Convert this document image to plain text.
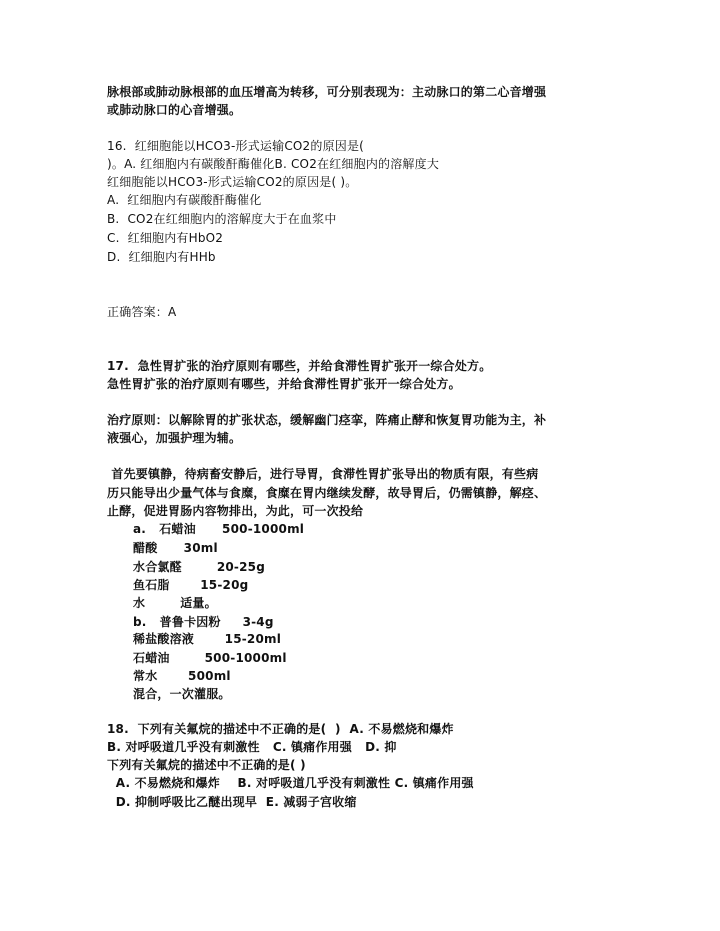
脉根部或肺动脉根部的血压增高为转移，可分别表现为：主动脉口的第二心音增强
或肺动脉口的心音增强。
16.  红细胞能以HCO3-形式运输CO2的原因是(
)。A. 红细胞内有碳酸酐酶催化B. CO2在红细胞内的溶解度大
红细胞能以HCO3-形式运输CO2的原因是( )。
A.  红细胞内有碳酸酐酶催化
B.  CO2在红细胞内的溶解度大于在血浆中
C.  红细胞内有HbO2
D.  红细胞内有HHb
正确答案：A
17.  急性胃扩张的治疗原则有哪些，并给食滞性胃扩张开一综合处方。
急性胃扩张的治疗原则有哪些，并给食滞性胃扩张开一综合处方。
治疗原则：以解除胃的扩张状态，缓解幽门痉挛，阵痛止酵和恢复胃功能为主，补
液强心，加强护理为辅。
首先要镇静，待病畜安静后，进行导胃，食滞性胃扩张导出的物质有限，有些病
历只能导出少量气体与食糜，食糜在胃内继续发酵，故导胃后，仍需镇静，解痉、
止酵，促进胃肠内容物排出，为此，可一次投给
a.   石蜡油      500-1000ml
醋酸      30ml
水合氯醛        20-25g
鱼石脂       15-20g
水        适量。
b.   普鲁卡因粉     3-4g
稀盐酸溶液       15-20ml
石蜡油        500-1000ml
常水       500ml
混合，一次灌服。
18.  下列有关氟烷的描述中不正确的是(  )  A. 不易燃烧和爆炸
B. 对呼吸道几乎没有刺激性   C. 镇痛作用强   D. 抑
下列有关氟烷的描述中不正确的是( )
A. 不易燃烧和爆炸    B. 对呼吸道几乎没有刺激性 C. 镇痛作用强
D. 抑制呼吸比乙醚出现早  E. 减弱子宫收缩
